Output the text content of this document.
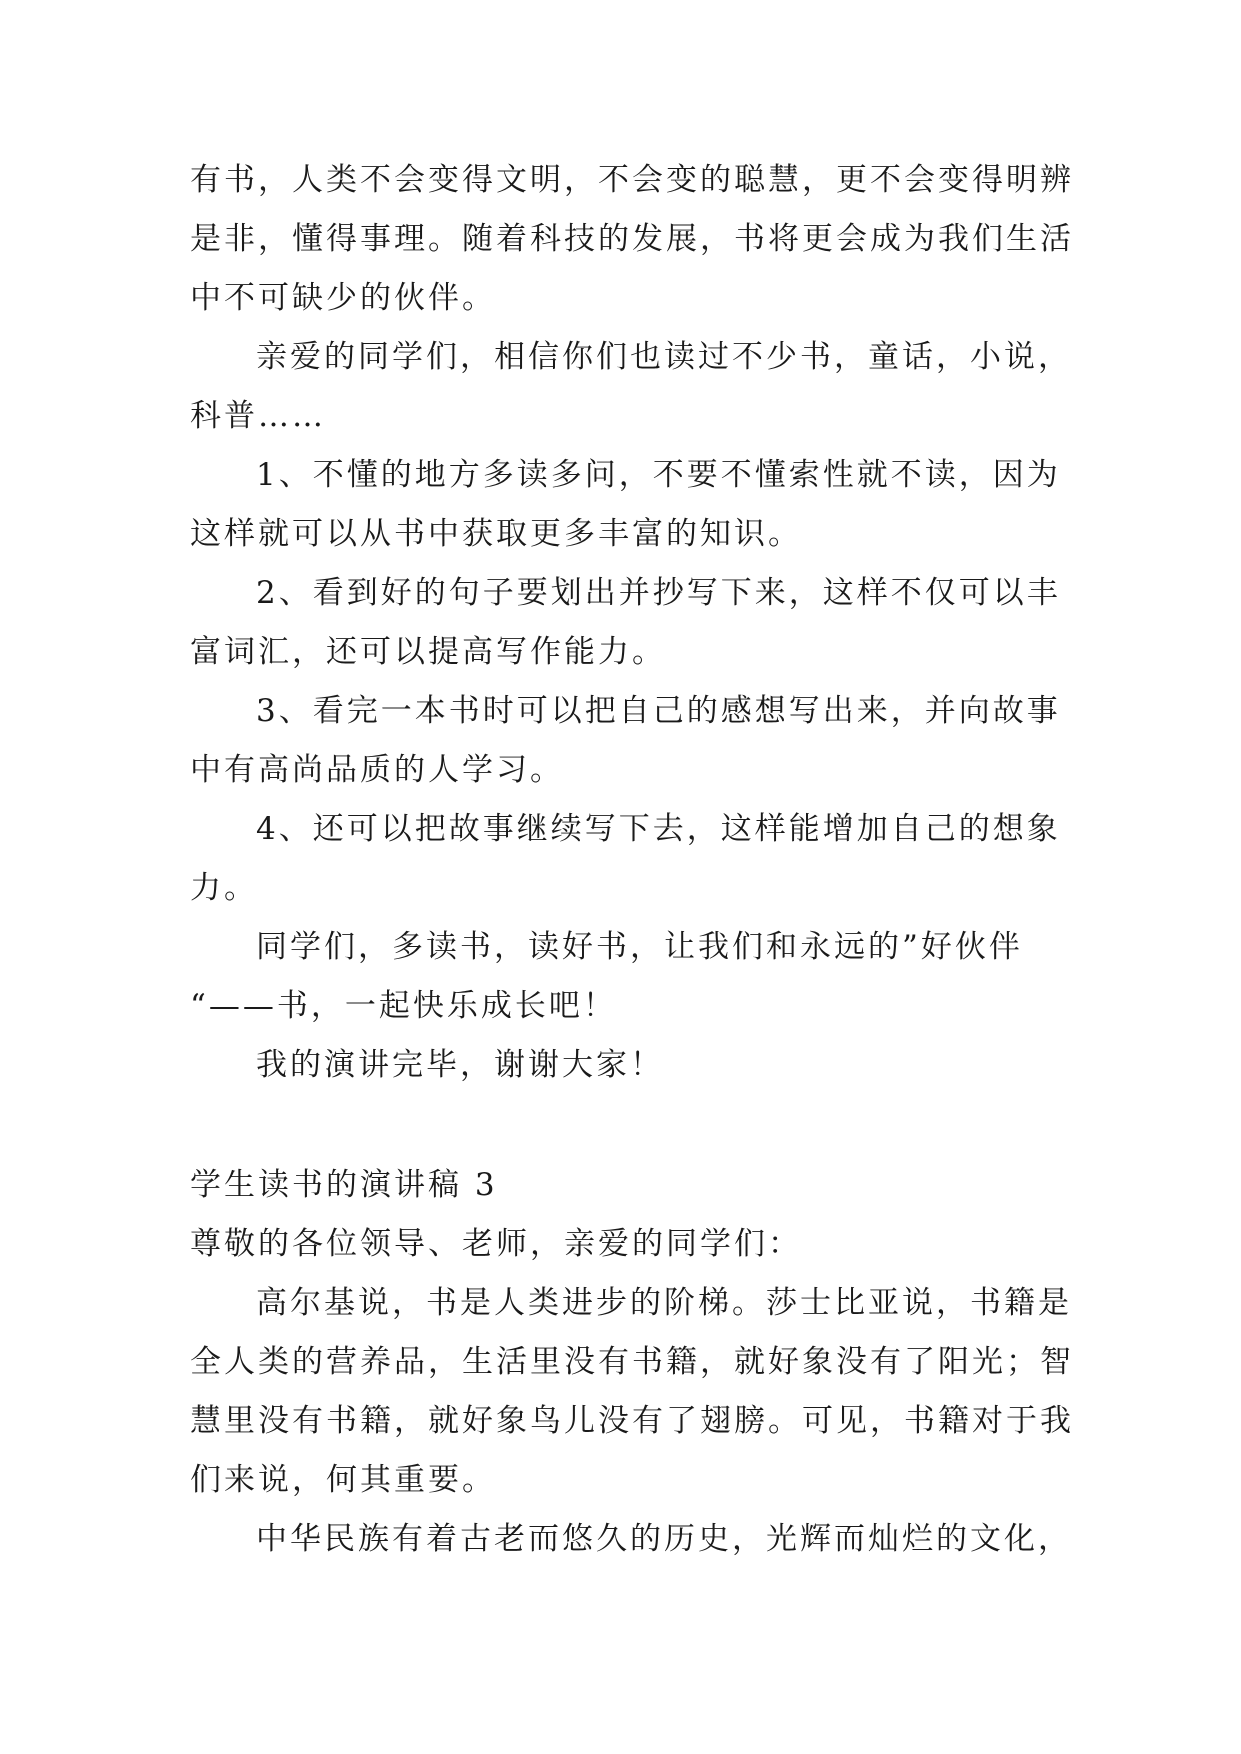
有书，人类不会变得文明，不会变的聪慧，更不会变得明辨
是非，懂得事理。随着科技的发展，书将更会成为我们生活
中不可缺少的伙伴。
亲爱的同学们，相信你们也读过不少书，童话，小说，
科普……
1、不懂的地方多读多问，不要不懂索性就不读，因为
这样就可以从书中获取更多丰富的知识。
2、看到好的句子要划出并抄写下来，这样不仅可以丰
富词汇，还可以提高写作能力。
3、看完一本书时可以把自己的感想写出来，并向故事
中有高尚品质的人学习。
4、还可以把故事继续写下去，这样能增加自己的想象
力。
同学们，多读书，读好书，让我们和永远的”好伙伴
“——书，一起快乐成长吧！
我的演讲完毕，谢谢大家！
学生读书的演讲稿 3
尊敬的各位领导、老师，亲爱的同学们：
高尔基说，书是人类进步的阶梯。莎士比亚说，书籍是
全人类的营养品，生活里没有书籍，就好象没有了阳光；智
慧里没有书籍，就好象鸟儿没有了翅膀。可见，书籍对于我
们来说，何其重要。
中华民族有着古老而悠久的历史，光辉而灿烂的文化，
